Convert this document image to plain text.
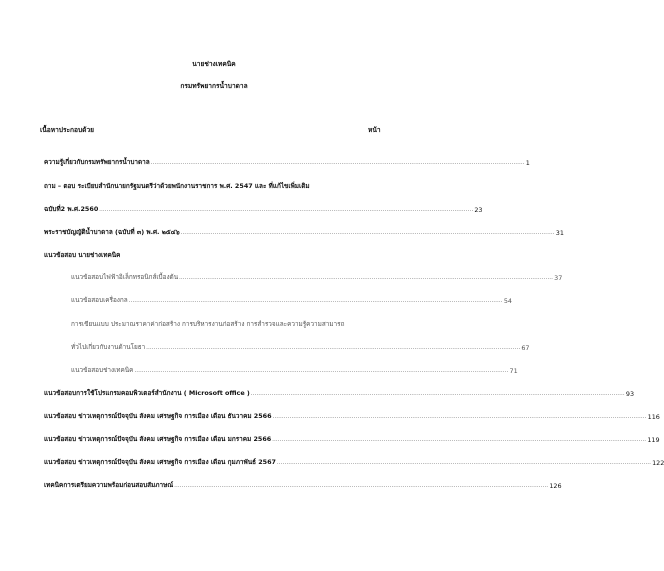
นายช่างเทคนิค
กรมทรัพยากรน้ำบาดาล
เนื้อหาประกอบด้วย	หน้า
ความรู้เกี่ยวกับกรมทรัพยากรน้ำบาดาล ...................................................................................................................................................................................................... 1
ถาม – ตอบ ระเบียบสำนักนายกรัฐมนตรีว่าด้วยพนักงานราชการ พ.ศ. 2547 และ ที่แก้ไขเพิ่มเติม
ฉบับที่2 พ.ศ.2560 ...................................................................................................................................................................................................... 23
พระราชบัญญัติน้ำบาดาล (ฉบับที่ ๓) พ.ศ. ๒๕๔๖ ...................................................................................................................................................................................................... 31
แนวข้อสอบ นายช่างเทคนิค
แนวข้อสอบไฟฟ้าอิเล็กทรอนิกส์เบื้องต้น ...................................................................................................................................................................................................... 37
แนวข้อสอบเครื่องกล ...................................................................................................................................................................................................... 54
การเขียนแบบ ประมาณราคาค่าก่อสร้าง การบริหารงานก่อสร้าง การสำรวจและความรู้ความสามารถ
ทั่วไปเกี่ยวกับงานด้านโยธา ...................................................................................................................................................................................................... 67
แนวข้อสอบช่างเทคนิค ...................................................................................................................................................................................................... 71
แนวข้อสอบการใช้โปรแกรมคอมพิวเตอร์สำนักงาน ( Microsoft office ) ...................................................................................................................................................................................................... 93
แนวข้อสอบ ข่าวเหตุการณ์ปัจจุบัน สังคม เศรษฐกิจ การเมือง เดือน ธันวาคม 2566 ...................................................................................................................................................................................................... 116
แนวข้อสอบ ข่าวเหตุการณ์ปัจจุบัน สังคม เศรษฐกิจ การเมือง เดือน มกราคม 2566 ...................................................................................................................................................................................................... 119
แนวข้อสอบ ข่าวเหตุการณ์ปัจจุบัน สังคม เศรษฐกิจ การเมือง เดือน กุมภาพันธ์ 2567 ...................................................................................................................................................................................................... 122
เทคนิคการเตรียมความพร้อมก่อนสอบสัมภาษณ์ ...................................................................................................................................................................................................... 126
